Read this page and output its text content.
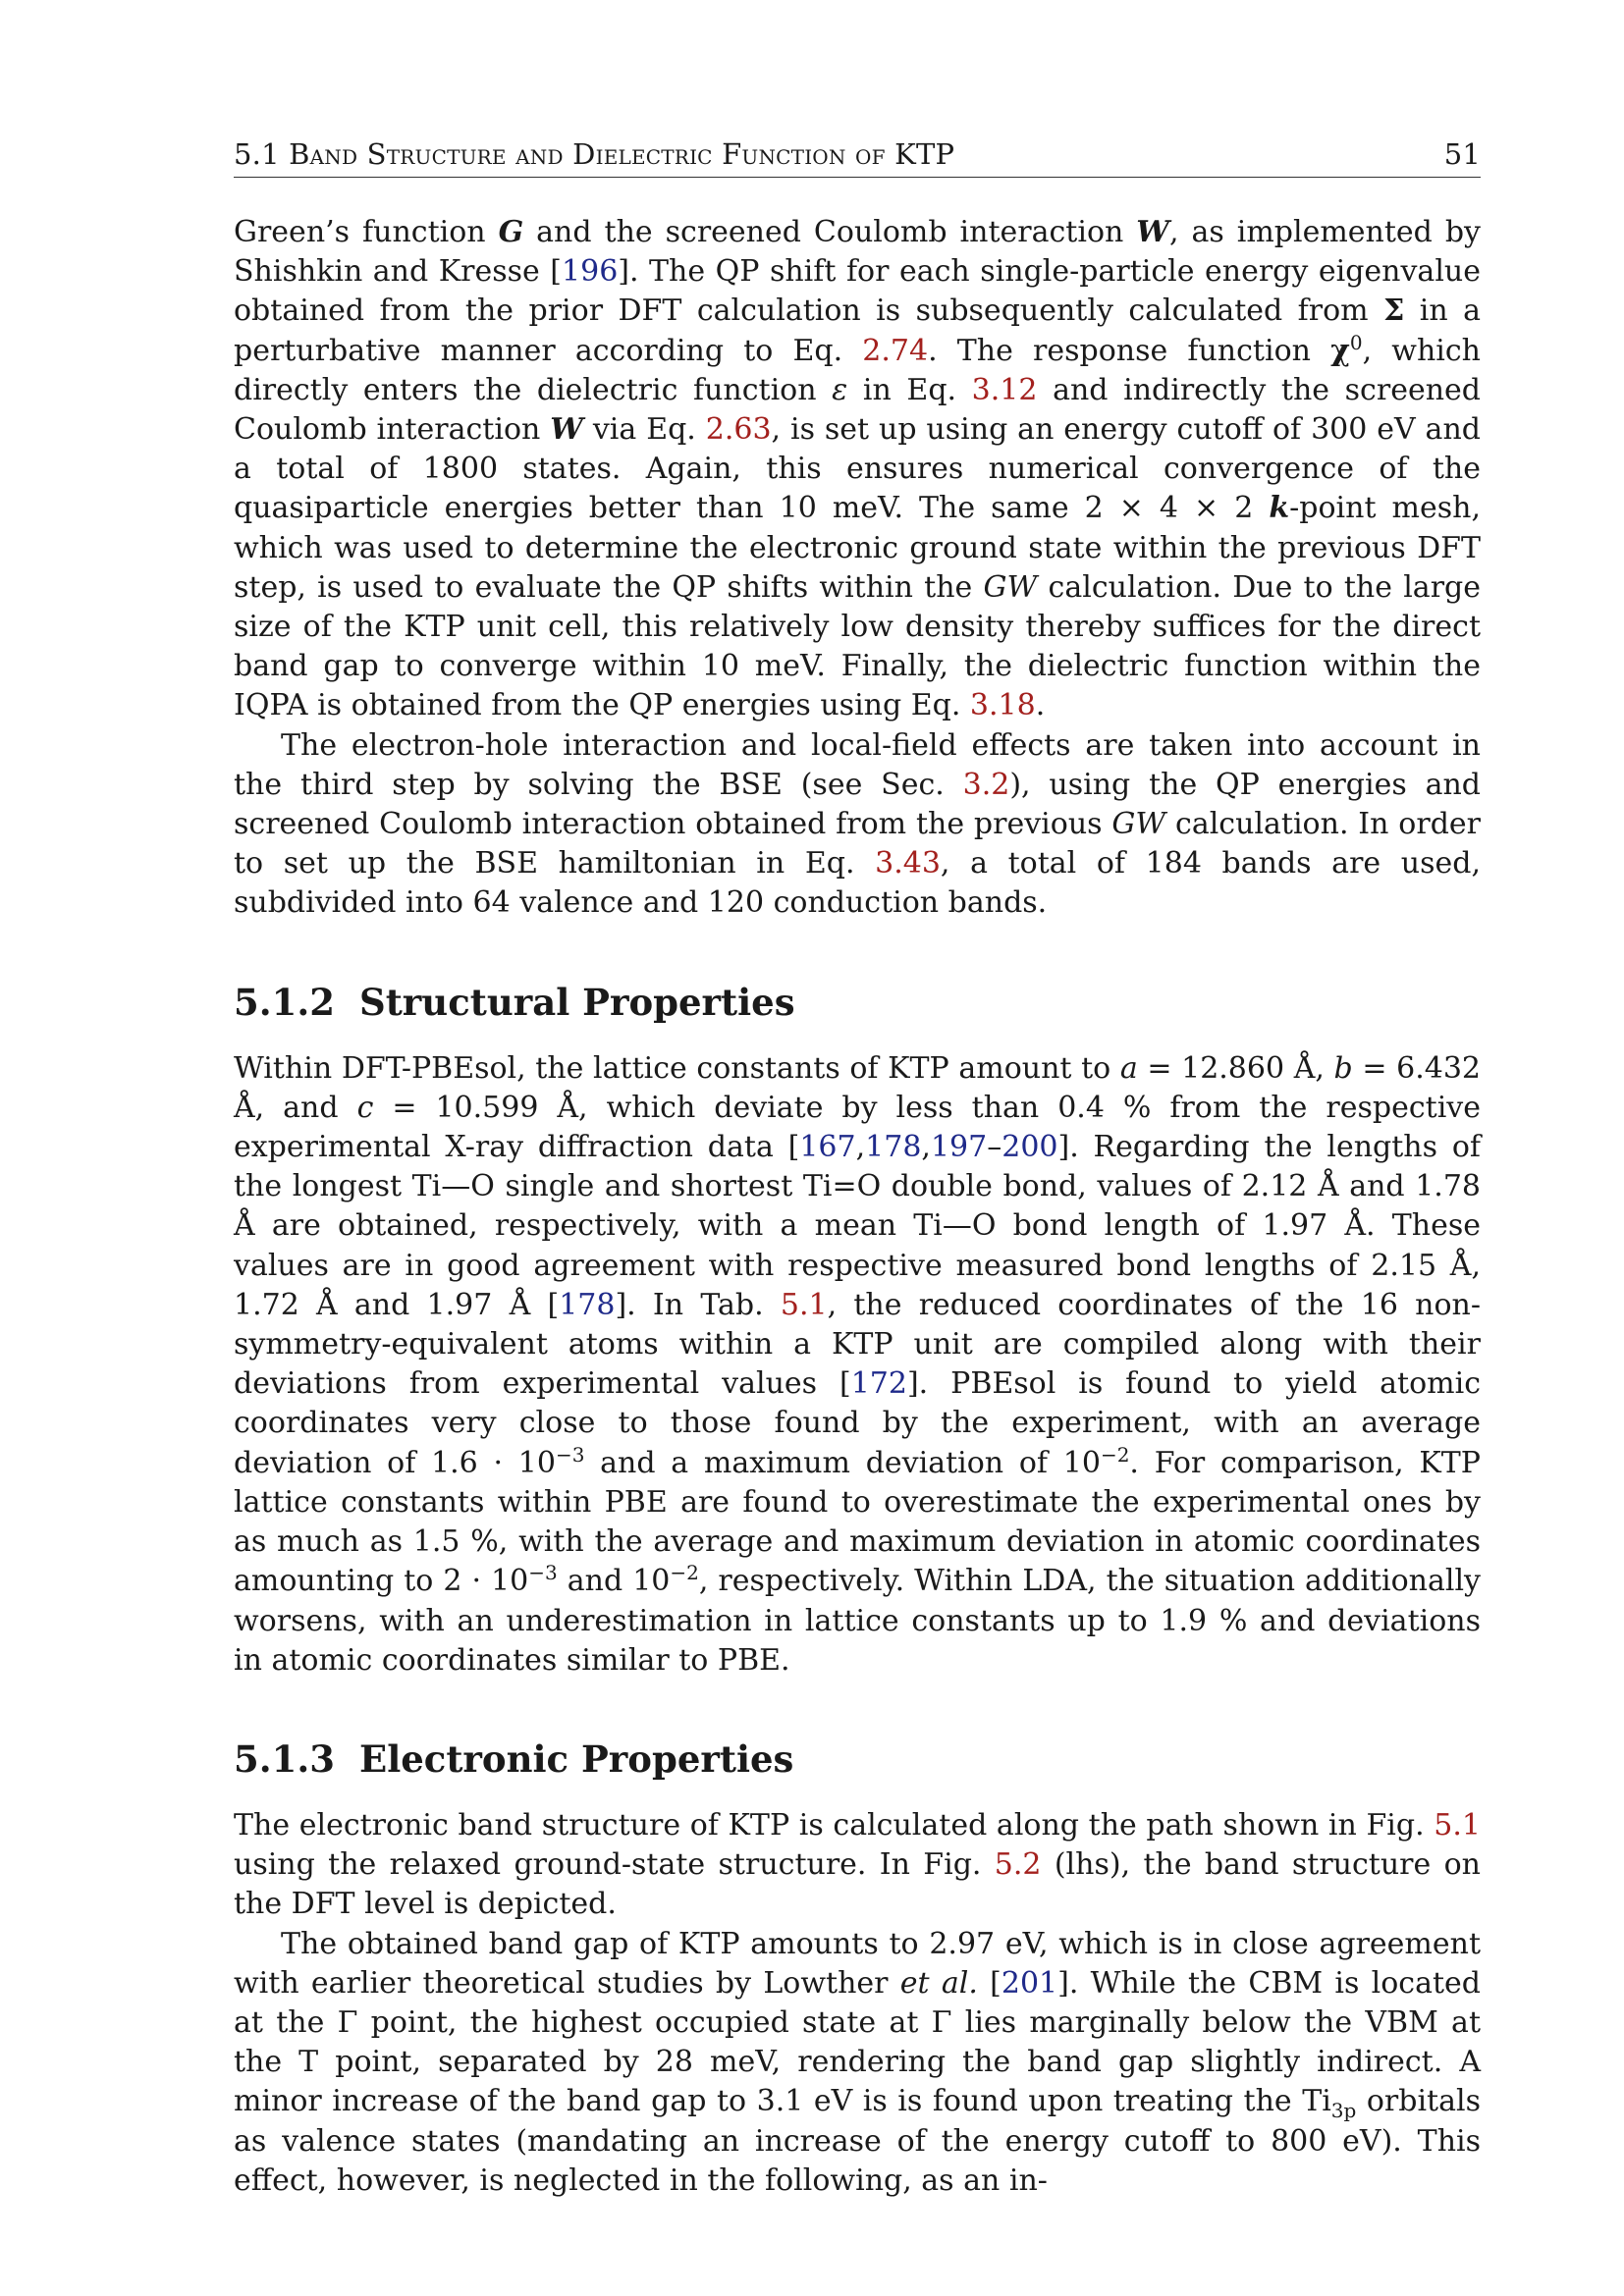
5.1 Band Structure and Dielectric Function of KTP	51

Green’s function G and the screened Coulomb interaction W, as implemented by Shishkin and Kresse [196]. The QP shift for each single-particle energy eigenvalue obtained from the prior DFT calculation is subsequently calculated from Σ in a perturbative manner according to Eq. 2.74. The response function $\chi^0$, which directly enters the dielectric function ε in Eq. 3.12 and indirectly the screened Coulomb interaction W via Eq. 2.63, is set up using an energy cutoff of 300 eV and a total of 1800 states. Again, this ensures numerical convergence of the quasiparticle energies better than 10 meV. The same 2 × 4 × 2 k-point mesh, which was used to determine the electronic ground state within the previous DFT step, is used to evaluate the QP shifts within the GW calculation. Due to the large size of the KTP unit cell, this relatively low density thereby suffices for the direct band gap to converge within 10 meV. Finally, the dielectric function within the IQPA is obtained from the QP energies using Eq. 3.18.

The electron-hole interaction and local-field effects are taken into account in the third step by solving the BSE (see Sec. 3.2), using the QP energies and screened Coulomb interaction obtained from the previous GW calculation. In order to set up the BSE hamiltonian in Eq. 3.43, a total of 184 bands are used, subdivided into 64 valence and 120 conduction bands.

5.1.2 Structural Properties

Within DFT-PBEsol, the lattice constants of KTP amount to a = 12.860 Å, b = 6.432 Å, and c = 10.599 Å, which deviate by less than 0.4 % from the respective experimental X-ray diffraction data [167,178,197–200]. Regarding the lengths of the longest Ti—O single and shortest Ti=O double bond, values of 2.12 Å and 1.78 Å are obtained, respectively, with a mean Ti—O bond length of 1.97 Å. These values are in good agreement with respective measured bond lengths of 2.15 Å, 1.72 Å and 1.97 Å [178]. In Tab. 5.1, the reduced coordinates of the 16 non-symmetry-equivalent atoms within a KTP unit are compiled along with their deviations from experimental values [172]. PBEsol is found to yield atomic coordinates very close to those found by the experiment, with an average deviation of $1.6 \cdot 10^{-3}$ and a maximum deviation of $10^{-2}$. For comparison, KTP lattice constants within PBE are found to overestimate the experimental ones by as much as 1.5 %, with the average and maximum deviation in atomic coordinates amounting to $2 \cdot 10^{-3}$ and $10^{-2}$, respectively. Within LDA, the situation additionally worsens, with an underestimation in lattice constants up to 1.9 % and deviations in atomic coordinates similar to PBE.

5.1.3 Electronic Properties

The electronic band structure of KTP is calculated along the path shown in Fig. 5.1 using the relaxed ground-state structure. In Fig. 5.2 (lhs), the band structure on the DFT level is depicted.

The obtained band gap of KTP amounts to 2.97 eV, which is in close agreement with earlier theoretical studies by Lowther et al. [201]. While the CBM is located at the Γ point, the highest occupied state at Γ lies marginally below the VBM at the T point, separated by 28 meV, rendering the band gap slightly indirect. A minor increase of the band gap to 3.1 eV is is found upon treating the $Ti_{3p}$ orbitals as valence states (mandating an increase of the energy cutoff to 800 eV). This effect, however, is neglected in the following, as an in-
